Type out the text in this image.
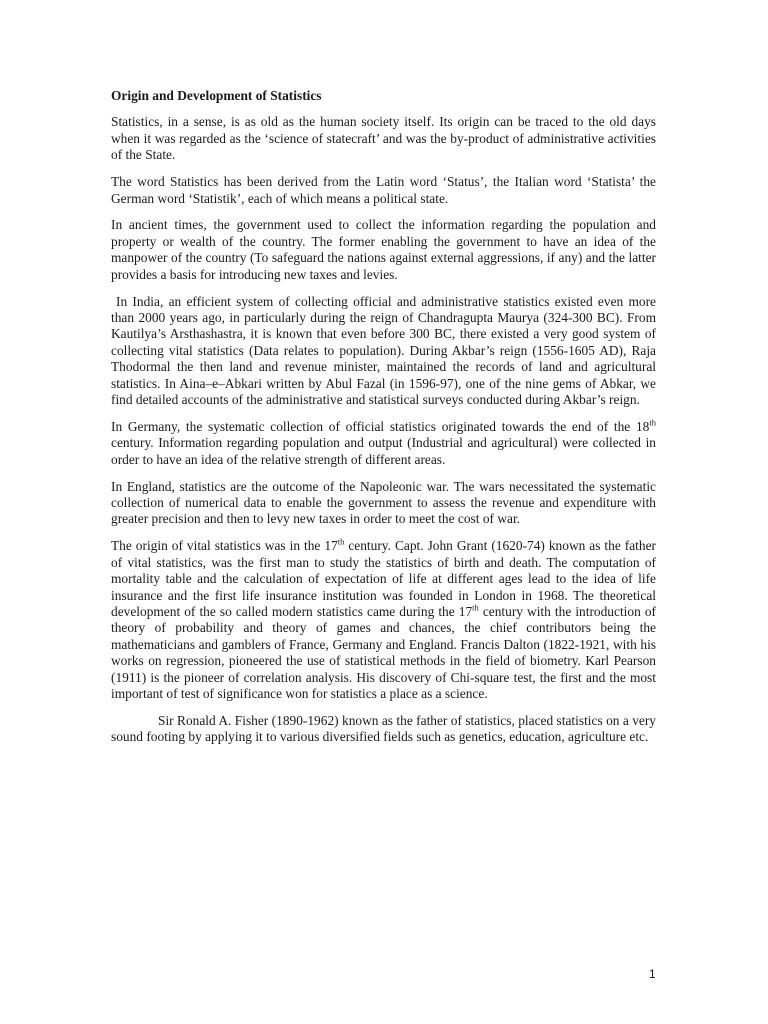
Origin and Development of Statistics

Statistics, in a sense, is as old as the human society itself. Its origin can be traced to the old days when it was regarded as the ‘science of statecraft’ and was the by-product of administrative activities of the State.

The word Statistics has been derived from the Latin word ‘Status’, the Italian word ‘Statista’ the German word ‘Statistik’, each of which means a political state.

In ancient times, the government used to collect the information regarding the population and property or wealth of the country. The former enabling the government to have an idea of the manpower of the country (To safeguard the nations against external aggressions, if any) and the latter provides a basis for introducing new taxes and levies.

In India, an efficient system of collecting official and administrative statistics existed even more than 2000 years ago, in particularly during the reign of Chandragupta Maurya (324-300 BC). From Kautilya’s Arsthashastra, it is known that even before 300 BC, there existed a very good system of collecting vital statistics (Data relates to population). During Akbar’s reign (1556-1605 AD), Raja Thodormal the then land and revenue minister, maintained the records of land and agricultural statistics. In Aina–e–Abkari written by Abul Fazal (in 1596-97), one of the nine gems of Abkar, we find detailed accounts of the administrative and statistical surveys conducted during Akbar’s reign.

In Germany, the systematic collection of official statistics originated towards the end of the 18th century. Information regarding population and output (Industrial and agricultural) were collected in order to have an idea of the relative strength of different areas.

In England, statistics are the outcome of the Napoleonic war. The wars necessitated the systematic collection of numerical data to enable the government to assess the revenue and expenditure with greater precision and then to levy new taxes in order to meet the cost of war.

The origin of vital statistics was in the 17th century. Capt. John Grant (1620-74) known as the father of vital statistics, was the first man to study the statistics of birth and death. The computation of mortality table and the calculation of expectation of life at different ages lead to the idea of life insurance and the first life insurance institution was founded in London in 1968. The theoretical development of the so called modern statistics came during the 17th century with the introduction of theory of probability and theory of games and chances, the chief contributors being the mathematicians and gamblers of France, Germany and England. Francis Dalton (1822-1921, with his works on regression, pioneered the use of statistical methods in the field of biometry. Karl Pearson (1911) is the pioneer of correlation analysis. His discovery of Chi-square test, the first and the most important of test of significance won for statistics a place as a science.

Sir Ronald A. Fisher (1890-1962) known as the father of statistics, placed statistics on a very sound footing by applying it to various diversified fields such as genetics, education, agriculture etc.

1
